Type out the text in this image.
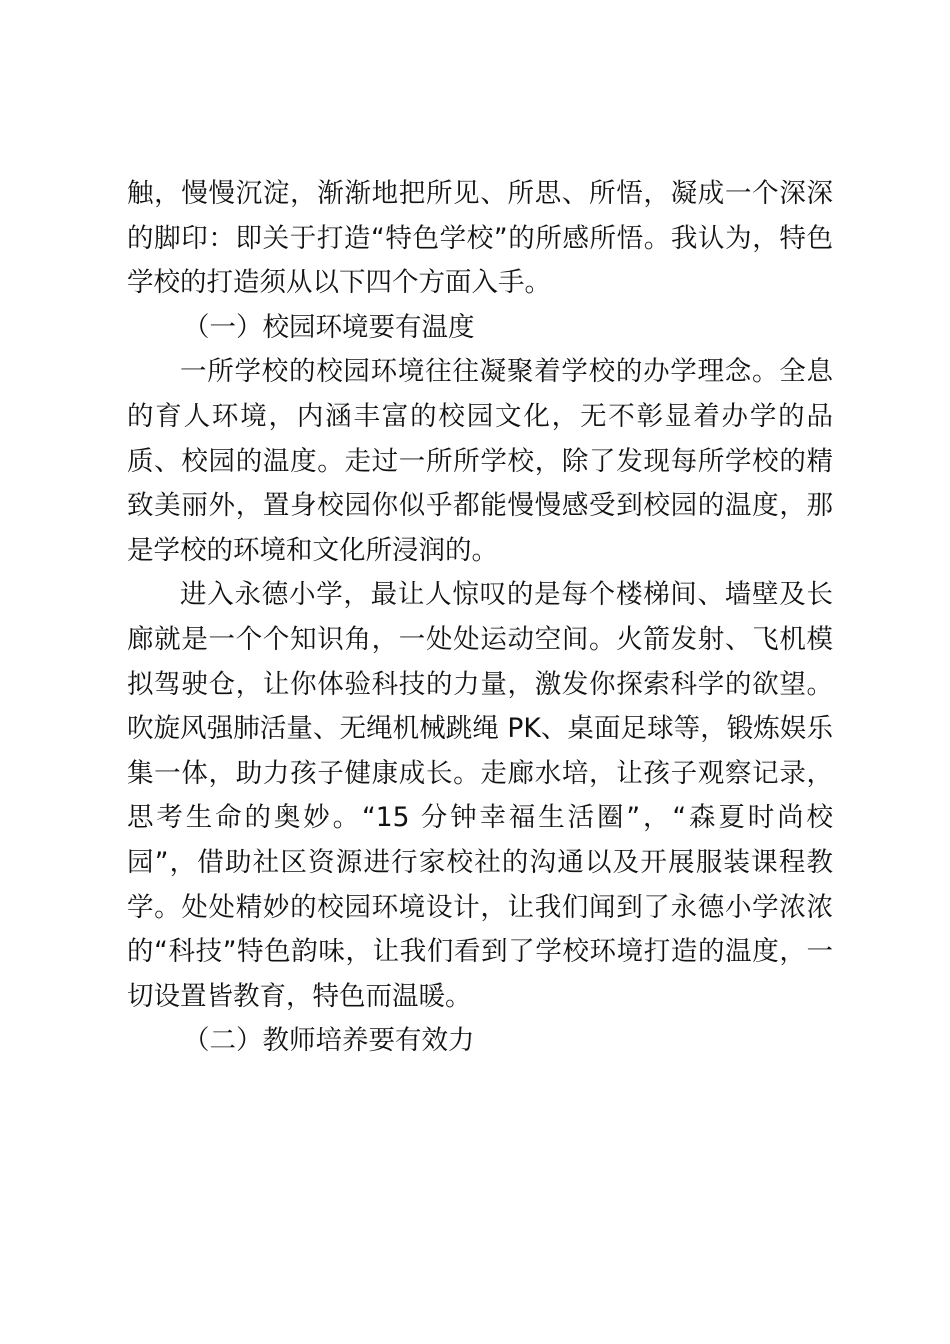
触，慢慢沉淀，渐渐地把所见、所思、所悟，凝成一个深深的脚印：即关于打造“特色学校”的所感所悟。我认为，特色学校的打造须从以下四个方面入手。

（一）校园环境要有温度

一所学校的校园环境往往凝聚着学校的办学理念。全息的育人环境，内涵丰富的校园文化，无不彰显着办学的品质、校园的温度。走过一所所学校，除了发现每所学校的精致美丽外，置身校园你似乎都能慢慢感受到校园的温度，那是学校的环境和文化所浸润的。

进入永德小学，最让人惊叹的是每个楼梯间、墙壁及长廊就是一个个知识角，一处处运动空间。火箭发射、飞机模拟驾驶仓，让你体验科技的力量，激发你探索科学的欲望。吹旋风强肺活量、无绳机械跳绳 PK、桌面足球等，锻炼娱乐集一体，助力孩子健康成长。走廊水培，让孩子观察记录，思考生命的奥妙。“15 分钟幸福生活圈”，“森夏时尚校园”，借助社区资源进行家校社的沟通以及开展服装课程教学。处处精妙的校园环境设计，让我们闻到了永德小学浓浓的“科技”特色韵味，让我们看到了学校环境打造的温度，一切设置皆教育，特色而温暖。

（二）教师培养要有效力
